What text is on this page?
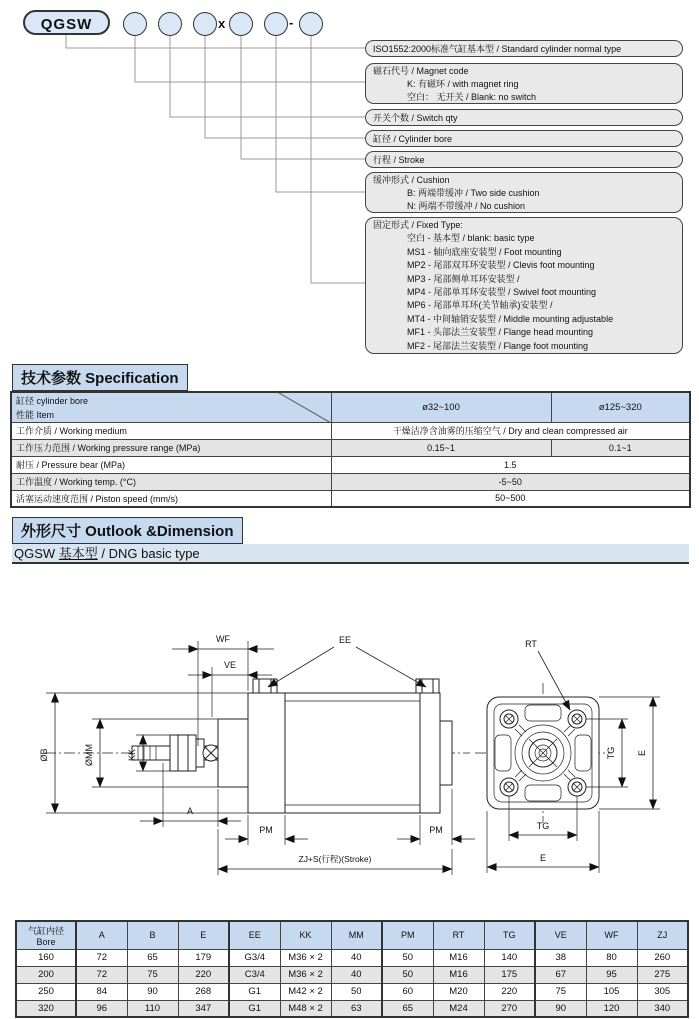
QGSW	x	-
ISO1552:2000标准气缸基本型 / Standard cylinder normal type
磁石代号 / Magnet code
K: 有磁环 / with magnet ring
空白： 无开关 / Blank: no switch
开关个数 / Switch qty
缸径 / Cylinder bore
行程 / Stroke
缓冲形式 / Cushion
B: 两端带缓冲 / Two side cushion
N: 两端不带缓冲 / No cushion
固定形式 / Fixed Type:
空白 - 基本型 / blank: basic type
MS1 - 轴向底座安装型 / Foot mounting
MP2 - 尾部双耳环安装型 / Clevis foot mounting
MP3 - 尾部侧单耳环安装型 /
MP4 - 尾部单耳环安装型 / Swivel foot mounting
MP6 - 尾部单耳环(关节轴承)安装型 /
MT4 - 中间轴销安装型 / Middle mounting adjustable
MF1 - 头部法兰安装型 / Flange head mounting
MF2 - 尾部法兰安装型 / Flange foot mounting
技术参数 Specification
缸径 cylinder bore
性能 Item	ø32~100	ø125~320
工作介质 / Working medium	干燥洁净含油雾的压缩空气 / Dry and clean compressed air	
工作压力范围 / Working pressure range (MPa)	0.15~1	0.1~1
耐压 / Pressure bear (MPa)	1.5	
工作温度 / Working temp. (°C)	-5~50	
活塞运动速度范围 / Piston speed (mm/s)	50~500	
外形尺寸 Outlook &Dimension
QGSW 基本型 / DNG basic type
EE
WF
VE
ØB	ØMM	KK
A
PM	PM
ZJ+S(行程)(Stroke)
RT
TG E
TG
E
气缸内径
Bore	A	B	E	EE	KK	MM	PM	RT	TG	VE	WF	ZJ
160	72	65	179	G3/4	M36 × 2	40	50	M16	140	38	80	260
200	72	75	220	C3/4	M36 × 2	40	50	M16	175	67	95	275
250	84	90	268	G1	M42 × 2	50	60	M20	220	75	105	305
320	96	110	347	G1	M48 × 2	63	65	M24	270	90	120	340
